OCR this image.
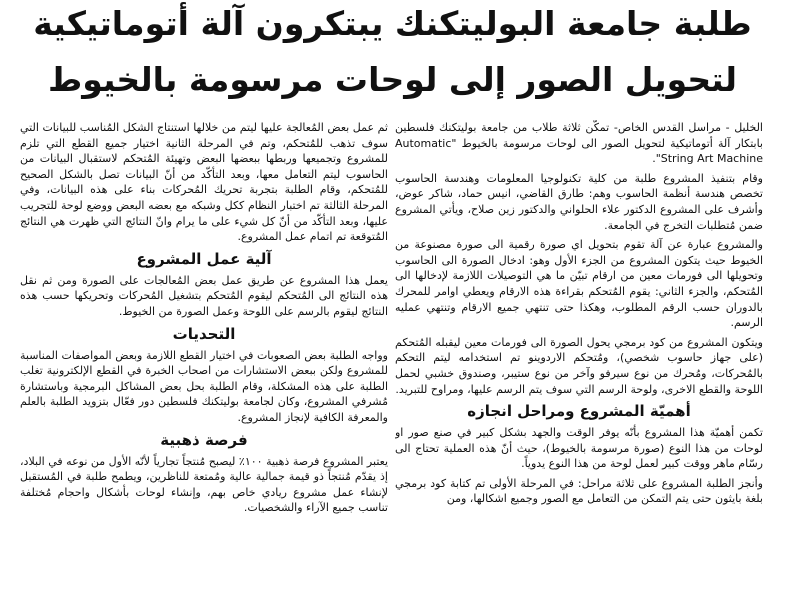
طلبة جامعة البوليتكنك يبتكرون آلة أتوماتيكية
لتحويل الصور إلى لوحات مرسومة بالخيوط

الخليل - مراسل القدس الخاص- تمكّن ثلاثة طلاب من جامعة بوليتكنك فلسطين بابتكار آلة أتوماتيكية لتحويل الصور الى لوحات مرسومة بالخيوط "Automatic String Art Machine".

وقام بتنفيذ المشروع طلبة من كلية تكنولوجيا المعلومات وهندسة الحاسوب تخصص هندسة أنظمة الحاسوب وهم: طارق القاضي، انيس حماد، شاكر عوض، وأشرف على المشروع الدكتور علاء الحلواني والدكتور زين صلاح، ويأتي المشروع ضمن مُتطلبات التخرج في الجامعة.

والمشروع عبارة عن آلة تقوم بتحويل اي صورة رقمية الى صورة مصنوعة من الخيوط حيث يتكون المشروع من الجزء الأول وهو: ادخال الصورة الى الحاسوب وتحويلها الى فورمات معين من ارقام تبيّن ما هي التوصيلات اللازمة لإدخالها الى المُتحكم، والجزء الثاني: يقوم المُتحكم بقراءة هذه الارقام ويعطي اوامر للمحرك بالدوران حسب الرقم المطلوب، وهكذا حتى تنتهي جميع الارقام وتنتهي عمليه الرسم.

ويتكون المشروع من كود برمجي يحول الصورة الى فورمات معين ليقبله المُتحكم (على جهاز حاسوب شخصي)، ومُتحكم الاردوينو تم استخدامه ليتم التحكم بالمُحركات، ومُحرك من نوع سيرفو وآخر من نوع ستيبر، وصندوق خشبي لحمل اللوحة والقطع الاخرى، ولوحة الرسم التي سوف يتم الرسم عليها، ومراوح للتبريد.

أهميّة المشروع ومراحل انجازه

تكمن أهميّة هذا المشروع بأنّه يوفر الوقت والجهد بشكل كبير في صنع صور او لوحات من هذا النوع (صورة مرسومة بالخيوط)، حيث أنّ هذه العملية تحتاج الى رسّام ماهر ووقت كبير لعمل لوحة من هذا النوع يدوياً.

وأنجز الطلبة المشروع على ثلاثة مراحل: في المرحلة الأولى تم كتابة كود برمجي بلغة بايثون حتى يتم التمكن من التعامل مع الصور وجميع اشكالها، ومن

ثم عمل بعض المُعالجة عليها ليتم من خلالها استنتاج الشكل المُناسب للبيانات التي سوف تذهب للمُتحكم، وتم في المرحلة الثانية اختيار جميع القطع التي تلزم للمشروع وتجميعها وربطها ببعضها البعض وتهيئة المُتحكم لاستقبال البيانات من الحاسوب ليتم التعامل معها، وبعد التأكّد من أنّ البيانات تصل بالشكل الصحيح للمُتحكم، وقام الطلبة بتجربة تحريك المُحركات بناء على هذه البيانات، وفي المرحلة الثالثة تم اختبار النظام ككل وشبكه مع بعضه البعض ووضع لوحة للتجريب عليها، وبعد التأكّد من أنّ كل شيء على ما يرام وانّ النتائج التي ظهرت هي النتائج المُتوقعة تم اتمام عمل المشروع.

آلية عمل المشروع

يعمل هذا المشروع عن طريق عمل بعض المُعالجات على الصورة ومن ثم نقل هذه النتائج الى المُتحكم ليقوم المُتحكم بتشغيل المُحركات وتحريكها حسب هذه النتائج ليقوم بالرسم على اللوحة وعمل الصورة من الخيوط.

التحديات

وواجه الطلبة بعض الصعوبات في اختيار القطع اللازمة وبعض المواصفات المناسبة للمشروع ولكن ببعض الاستشارات من اصحاب الخبرة في القطع الإلكترونية تغلب الطلبة على هذه المشكلة، وقام الطلبة بحل بعض المشاكل البرمجية وباستشارة مُشرفي المشروع، وكان لجامعة بوليتكنك فلسطين دور فعّال بتزويد الطلبة بالعلم والمعرفة الكافية لإنجاز المشروع.

فرصة ذهبية

يعتبر المشروع فرصة ذهبية ١٠٠٪ ليصبح مُنتجاً تجارياً لأنّه الأول من نوعه في البلاد، إذ يقدّم مُنتجاً ذو قيمة جمالية عالية ومُمتعة للناظرين، ويطمح طلبة في المُستقبل لإنشاء عمل مشروع ريادي خاص بهم، وإنشاء لوحات بأشكال واحجام مُختلفة تناسب جميع الآراء والشخصيات.
